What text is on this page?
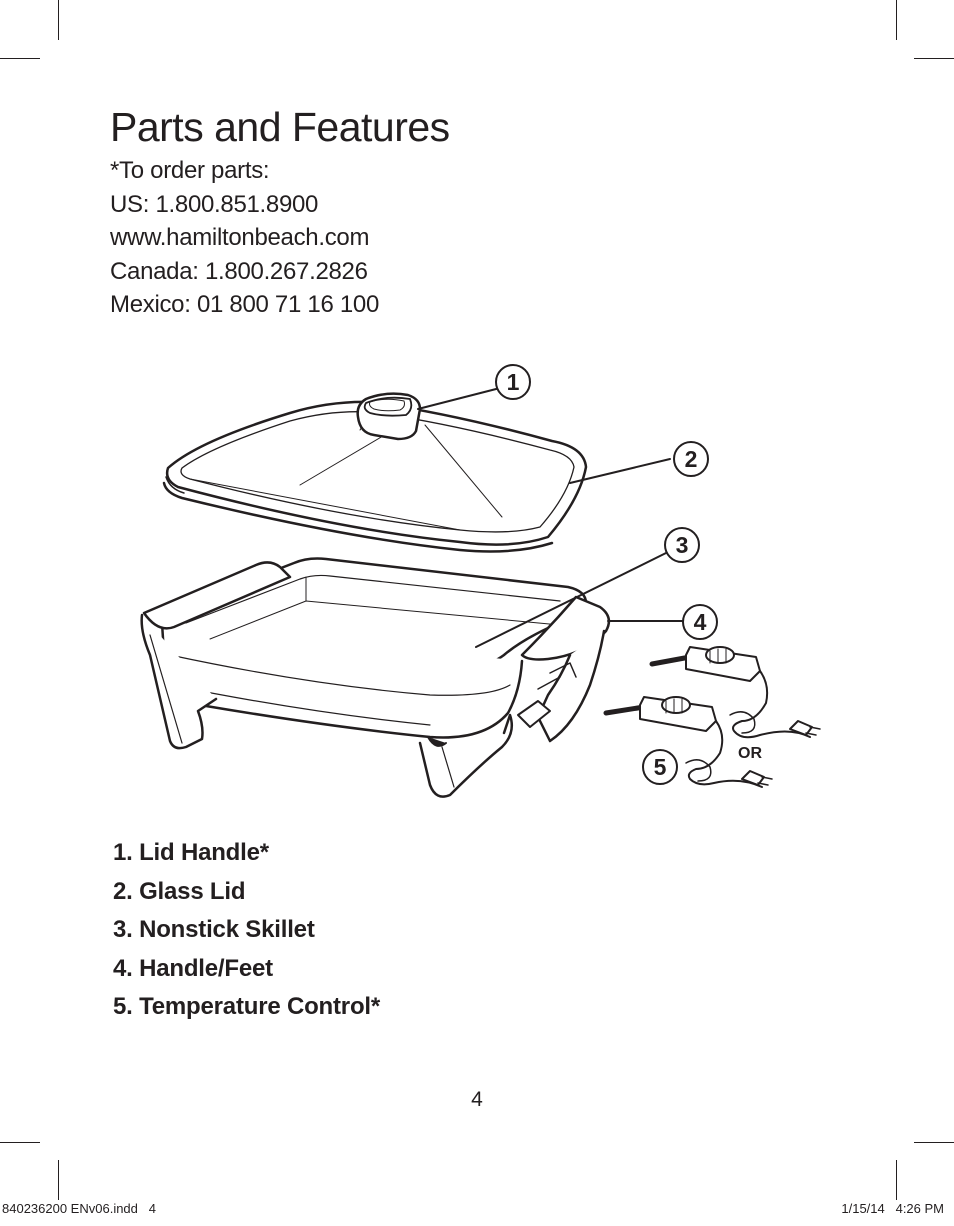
Parts and Features
*To order parts:
US: 1.800.851.8900
www.hamiltonbeach.com
Canada: 1.800.267.2826
Mexico: 01 800 71 16 100
1
2
3
4
5
OR
1. Lid Handle*
2. Glass Lid
3. Nonstick Skillet
4. Handle/Feet
5. Temperature Control*
4
840236200 ENv06.indd   4	1/15/14   4:26 PM
